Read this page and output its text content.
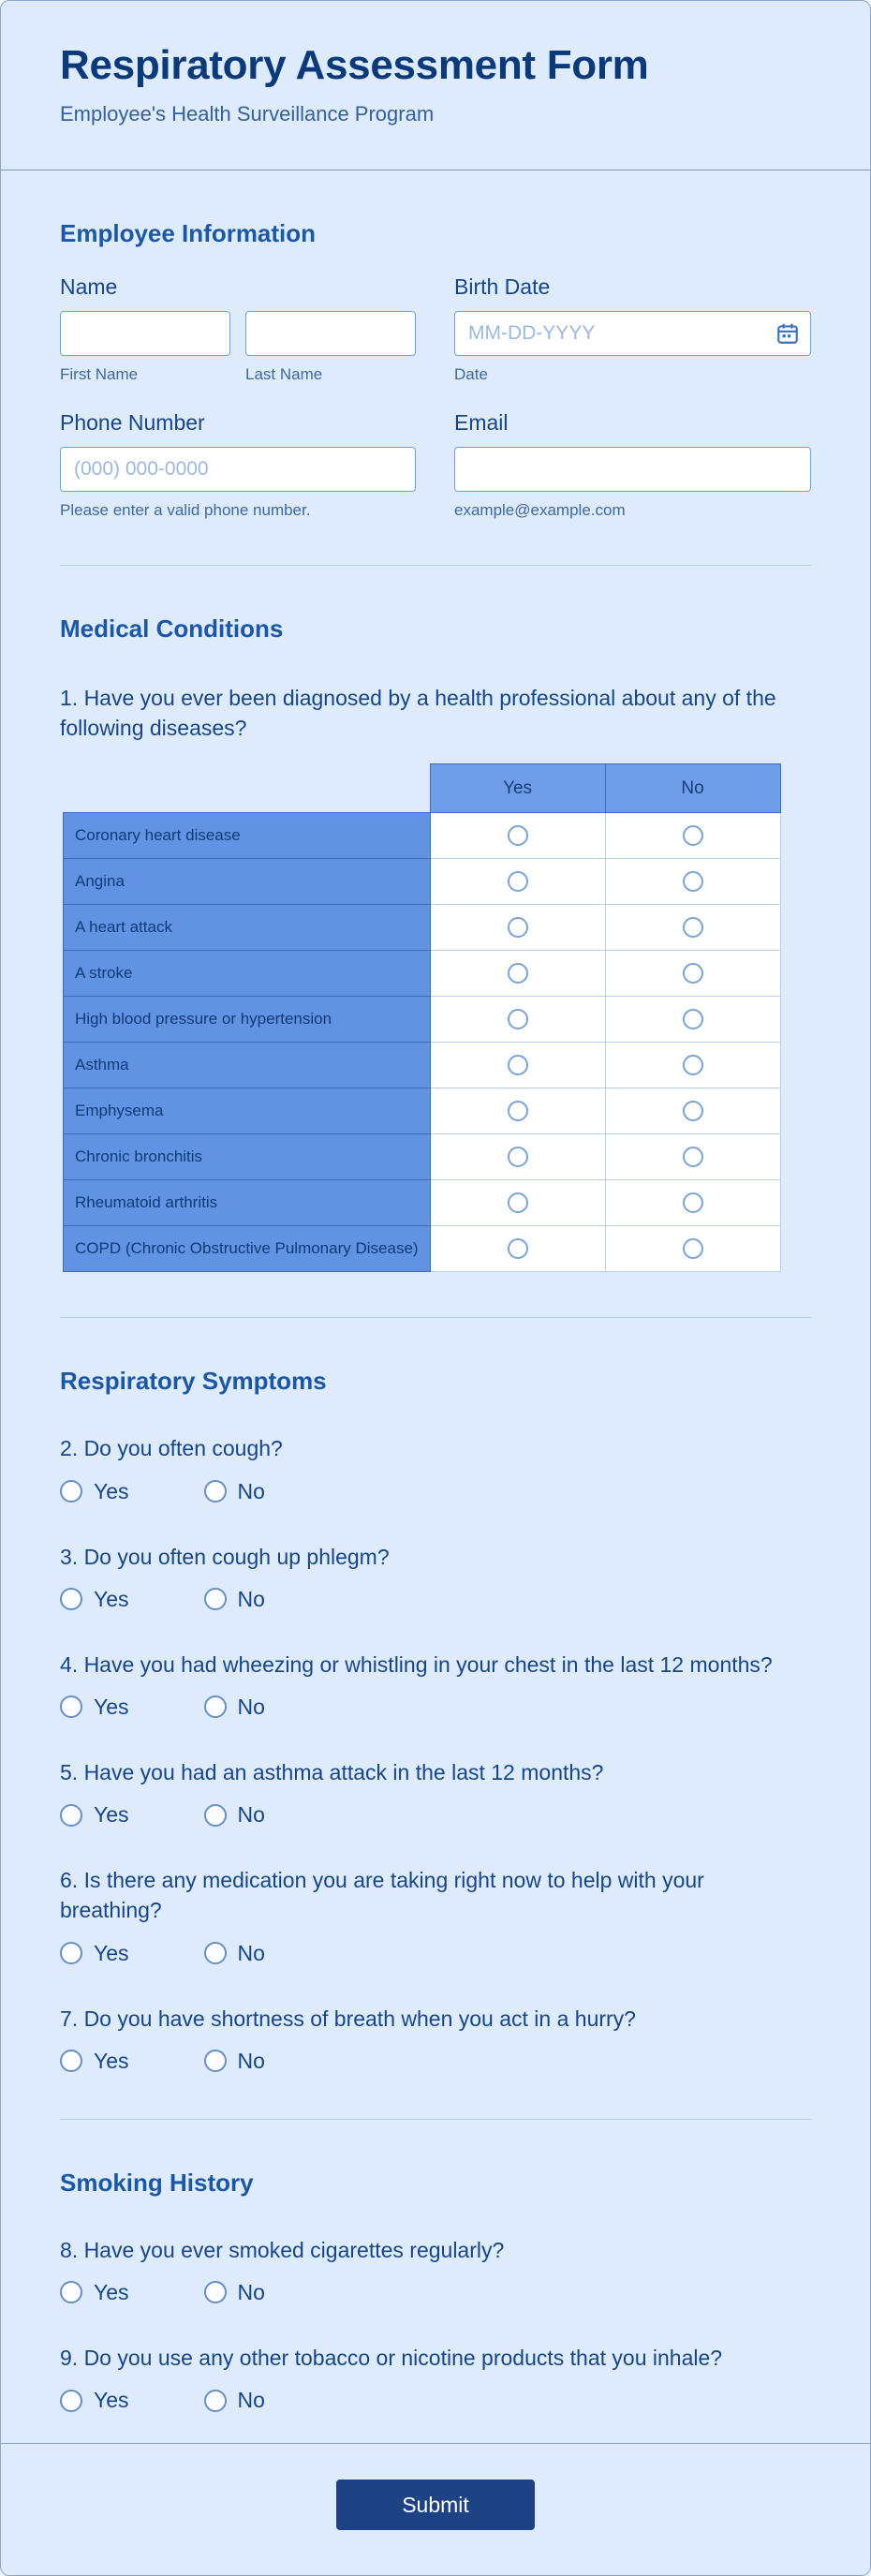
Respiratory Assessment Form
Employee's Health Surveillance Program
Employee Information
Name
First Name	Last Name
Birth Date
MM-DD-YYYY
Date
Phone Number
(000) 000-0000
Please enter a valid phone number.
Email
example@example.com
Medical Conditions
1. Have you ever been diagnosed by a health professional about any of the following diseases?
	Yes	No
Coronary heart disease		
Angina		
A heart attack		
A stroke		
High blood pressure or hypertension		
Asthma		
Emphysema		
Chronic bronchitis		
Rheumatoid arthritis		
COPD (Chronic Obstructive Pulmonary Disease)		
Respiratory Symptoms
2. Do you often cough?
Yes	No
3. Do you often cough up phlegm?
Yes	No
4. Have you had wheezing or whistling in your chest in the last 12 months?
Yes	No
5. Have you had an asthma attack in the last 12 months?
Yes	No
6. Is there any medication you are taking right now to help with your breathing?
Yes	No
7. Do you have shortness of breath when you act in a hurry?
Yes	No
Smoking History
8. Have you ever smoked cigarettes regularly?
Yes	No
9. Do you use any other tobacco or nicotine products that you inhale?
Yes	No
Submit
